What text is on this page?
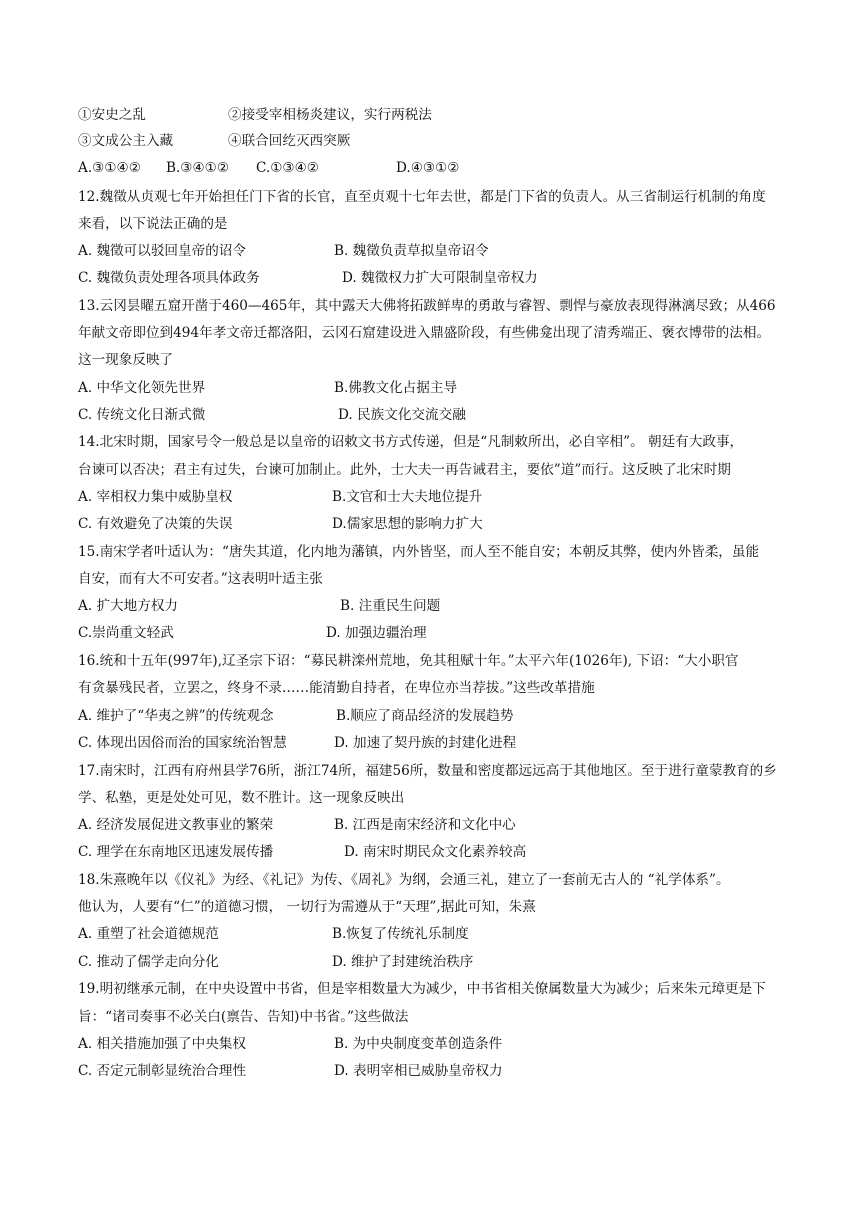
①安史之乱	②接受宰相杨炎建议，实行两税法
③文成公主入藏	④联合回纥灭西突厥
A.③①④② B.③④①② C.①③④②	D.④③①②
12.魏徵从贞观七年开始担任门下省的长官，直至贞观十七年去世，都是门下省的负责人。从三省制运行机制的角度
来看，以下说法正确的是
A. 魏徵可以驳回皇帝的诏令	B. 魏徵负责草拟皇帝诏令
C. 魏徵负责处理各项具体政务	D. 魏徵权力扩大可限制皇帝权力
13.云冈昙曜五窟开凿于460—465年，其中露天大佛将拓跋鲜卑的勇敢与睿智、剽悍与豪放表现得淋漓尽致；从466
年献文帝即位到494年孝文帝迁都洛阳，云冈石窟建设进入鼎盛阶段，有些佛龛出现了清秀端正、褒衣博带的法相。
这一现象反映了
A. 中华文化领先世界	B.佛教文化占据主导
C. 传统文化日渐式微	D. 民族文化交流交融
14.北宋时期，国家号令一般总是以皇帝的诏敕文书方式传递，但是“凡制敕所出，必自宰相”。 朝廷有大政事，
台谏可以否决；君主有过失，台谏可加制止。此外，士大夫一再告诫君主，要依”道”而行。这反映了北宋时期
A. 宰相权力集中威胁皇权	B.文官和士大夫地位提升
C. 有效避免了决策的失误	D.儒家思想的影响力扩大
15.南宋学者叶适认为：“唐失其道，化内地为藩镇，内外皆坚，而人至不能自安；本朝反其弊，使内外皆柔，虽能
自安，而有大不可安者。”这表明叶适主张
A. 扩大地方权力	B. 注重民生问题
C.崇尚重文轻武	D. 加强边疆治理
16.统和十五年(997年),辽圣宗下诏：“募民耕滦州荒地，免其租赋十年。”太平六年(1026年), 下诏：“大小职官
有贪暴残民者，立罢之，终身不录……能清勤自持者，在卑位亦当荐拔。”这些改革措施
A. 维护了“华夷之辨”的传统观念	B.顺应了商品经济的发展趋势
C. 体现出因俗而治的国家统治智慧	D. 加速了契丹族的封建化进程
17.南宋时，江西有府州县学76所，浙江74所，福建56所，数量和密度都远远高于其他地区。至于进行童蒙教育的乡
学、私塾，更是处处可见，数不胜计。这一现象反映出
A. 经济发展促进文教事业的繁荣	B. 江西是南宋经济和文化中心
C. 理学在东南地区迅速发展传播	D. 南宋时期民众文化素养较高
18.朱熹晚年以《仪礼》为经、《礼记》为传、《周礼》为纲，会通三礼，建立了一套前无古人的 “礼学体系”。
他认为，人要有“仁”的道德习惯， 一切行为需遵从于“天理”,据此可知，朱熹
A. 重塑了社会道德规范	B.恢复了传统礼乐制度
C. 推动了儒学走向分化	D. 维护了封建统治秩序
19.明初继承元制，在中央设置中书省，但是宰相数量大为减少，中书省相关僚属数量大为减少；后来朱元璋更是下
旨：“诸司奏事不必关白(禀告、告知)中书省。”这些做法
A. 相关措施加强了中央集权	B. 为中央制度变革创造条件
C. 否定元制彰显统治合理性	D. 表明宰相已威胁皇帝权力
